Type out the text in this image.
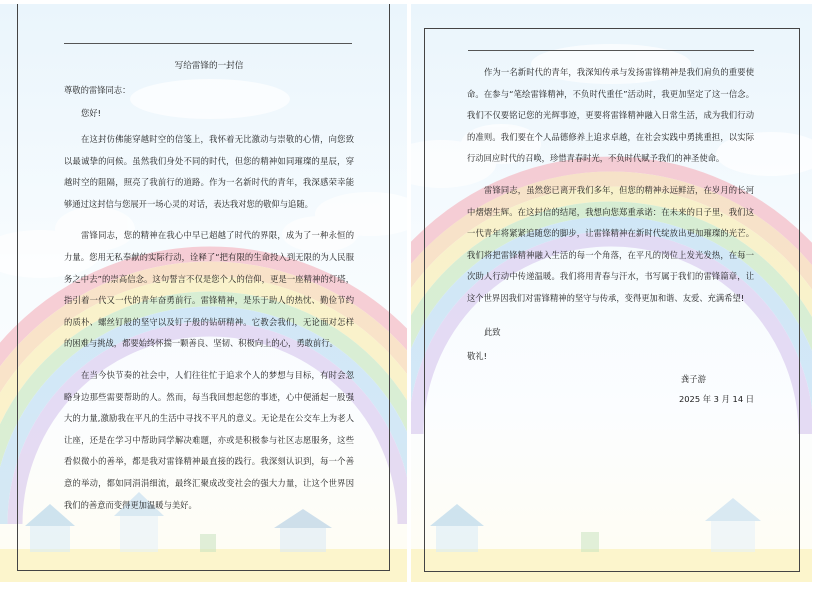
写给雷锋的一封信

尊敬的雷锋同志：

您好!

在这封仿佛能穿越时空的信笺上，我怀着无比激动与崇敬的心情，向您致以最诚挚的问候。虽然我们身处不同的时代，但您的精神如同璀璨的星辰，穿越时空的阻隔，照亮了我前行的道路。作为一名新时代的青年，我深感荣幸能够通过这封信与您展开一场心灵的对话，表达我对您的敬仰与追随。

雷锋同志，您的精神在我心中早已超越了时代的界限，成为了一种永恒的力量。您用无私奉献的实际行动，诠释了“把有限的生命投入到无限的为人民服务之中去”的崇高信念。这句誓言不仅是您个人的信仰，更是一座精神的灯塔，指引着一代又一代的青年奋勇前行。雷锋精神，是乐于助人的热忱、勤俭节约的质朴、螺丝钉般的坚守以及钉子般的钻研精神。它教会我们，无论面对怎样的困难与挑战，都要始终怀揣一颗善良、坚韧、积极向上的心，勇敢前行。

在当今快节奏的社会中，人们往往忙于追求个人的梦想与目标，有时会忽略身边那些需要帮助的人。然而，每当我回想起您的事迹，心中便涌起一股强大的力量,激励我在平凡的生活中寻找不平凡的意义。无论是在公交车上为老人让座，还是在学习中帮助同学解决难题，亦或是积极参与社区志愿服务，这些看似微小的善举，都是我对雷锋精神最直接的践行。我深刻认识到，每一个善意的举动，都如同涓涓细流，最终汇聚成改变社会的强大力量，让这个世界因我们的善意而变得更加温暖与美好。

作为一名新时代的青年，我深知传承与发扬雷锋精神是我们肩负的重要使命。在参与“笔绘雷锋精神，不负时代重任”活动时，我更加坚定了这一信念。我们不仅要铭记您的光辉事迹，更要将雷锋精神融入日常生活，成为我们行动的准则。我们要在个人品德修养上追求卓越，在社会实践中勇挑重担，以实际行动回应时代的召唤，珍惜青春时光，不负时代赋予我们的神圣使命。

雷锋同志，虽然您已离开我们多年，但您的精神永远鲜活，在岁月的长河中熠熠生辉。在这封信的结尾，我想向您郑重承诺：在未来的日子里，我们这一代青年将紧紧追随您的脚步，让雷锋精神在新时代绽放出更加璀璨的光芒。我们将把雷锋精神融入生活的每一个角落，在平凡的岗位上发光发热，在每一次助人行动中传递温暖。我们将用青春与汗水，书写属于我们的雷锋篇章，让这个世界因我们对雷锋精神的坚守与传承，变得更加和谐、友爱、充满希望!

此致

敬礼!

龚子游
2025 年 3 月 14 日
